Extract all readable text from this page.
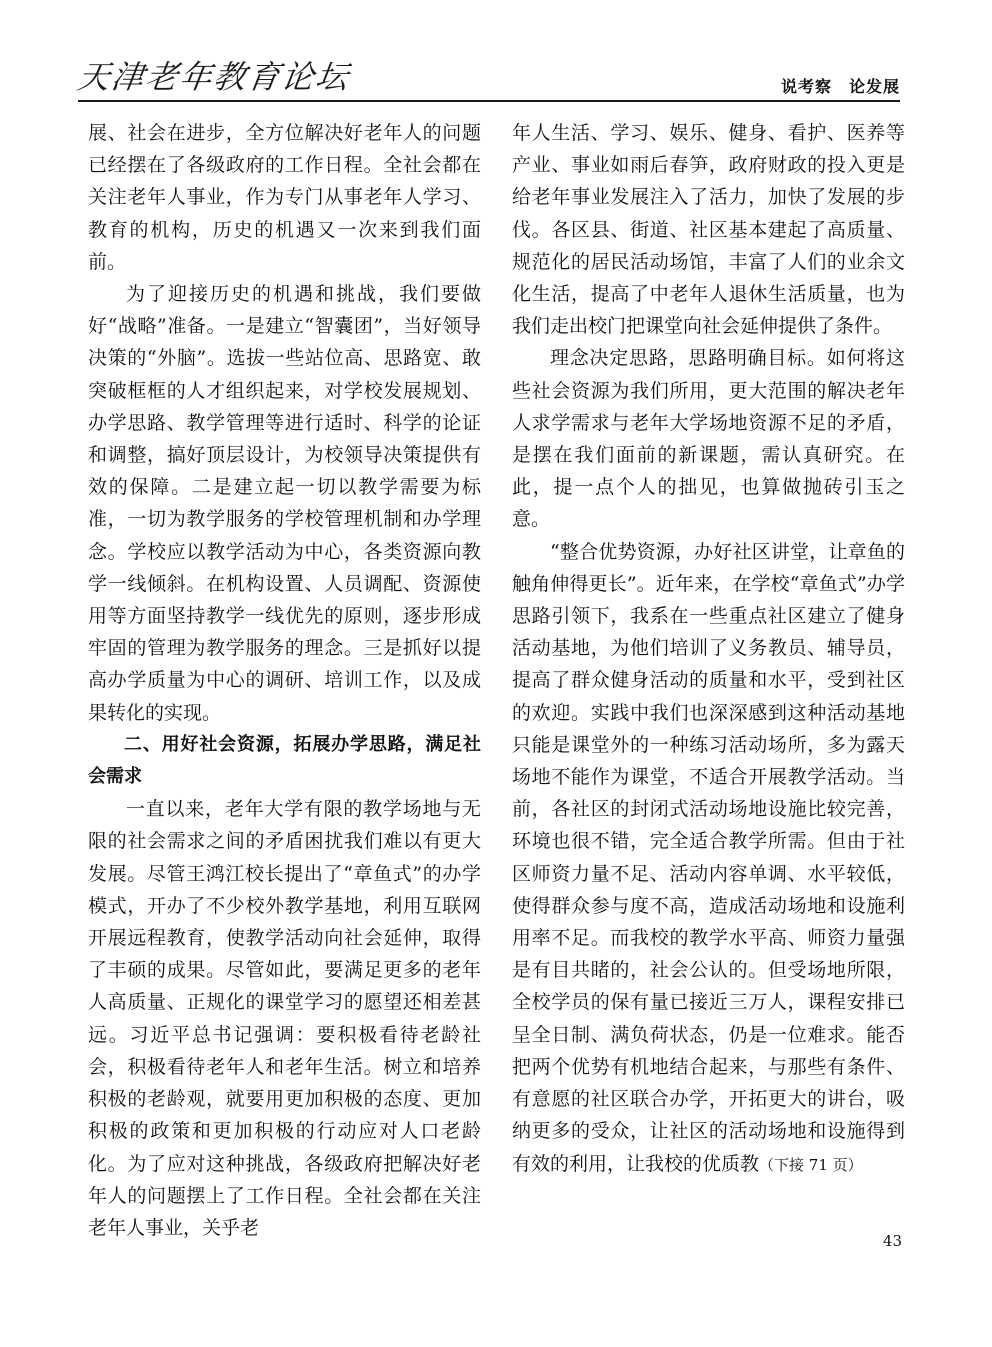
天津老年教育论坛	说考察　论发展

展、社会在进步，全方位解决好老年人的问题已经摆在了各级政府的工作日程。全社会都在关注老年人事业，作为专门从事老年人学习、教育的机构，历史的机遇又一次来到我们面前。

为了迎接历史的机遇和挑战，我们要做好“战略”准备。一是建立“智囊团”，当好领导决策的“外脑”。选拔一些站位高、思路宽、敢突破框框的人才组织起来，对学校发展规划、办学思路、教学管理等进行适时、科学的论证和调整，搞好顶层设计，为校领导决策提供有效的保障。二是建立起一切以教学需要为标准，一切为教学服务的学校管理机制和办学理念。学校应以教学活动为中心，各类资源向教学一线倾斜。在机构设置、人员调配、资源使用等方面坚持教学一线优先的原则，逐步形成牢固的管理为教学服务的理念。三是抓好以提高办学质量为中心的调研、培训工作，以及成果转化的实现。

二、用好社会资源，拓展办学思路，满足社会需求

一直以来，老年大学有限的教学场地与无限的社会需求之间的矛盾困扰我们难以有更大发展。尽管王鸿江校长提出了“章鱼式”的办学模式，开办了不少校外教学基地，利用互联网开展远程教育，使教学活动向社会延伸，取得了丰硕的成果。尽管如此，要满足更多的老年人高质量、正规化的课堂学习的愿望还相差甚远。习近平总书记强调：要积极看待老龄社会，积极看待老年人和老年生活。树立和培养积极的老龄观，就要用更加积极的态度、更加积极的政策和更加积极的行动应对人口老龄化。为了应对这种挑战，各级政府把解决好老年人的问题摆上了工作日程。全社会都在关注老年人事业，关乎老

年人生活、学习、娱乐、健身、看护、医养等产业、事业如雨后春笋，政府财政的投入更是给老年事业发展注入了活力，加快了发展的步伐。各区县、街道、社区基本建起了高质量、规范化的居民活动场馆，丰富了人们的业余文化生活，提高了中老年人退休生活质量，也为我们走出校门把课堂向社会延伸提供了条件。

理念决定思路，思路明确目标。如何将这些社会资源为我们所用，更大范围的解决老年人求学需求与老年大学场地资源不足的矛盾，是摆在我们面前的新课题，需认真研究。在此，提一点个人的拙见，也算做抛砖引玉之意。

“整合优势资源，办好社区讲堂，让章鱼的触角伸得更长”。近年来，在学校“章鱼式”办学思路引领下，我系在一些重点社区建立了健身活动基地，为他们培训了义务教员、辅导员，提高了群众健身活动的质量和水平，受到社区的欢迎。实践中我们也深深感到这种活动基地只能是课堂外的一种练习活动场所，多为露天场地不能作为课堂，不适合开展教学活动。当前，各社区的封闭式活动场地设施比较完善，环境也很不错，完全适合教学所需。但由于社区师资力量不足、活动内容单调、水平较低，使得群众参与度不高，造成活动场地和设施利用率不足。而我校的教学水平高、师资力量强是有目共睹的，社会公认的。但受场地所限，全校学员的保有量已接近三万人，课程安排已呈全日制、满负荷状态，仍是一位难求。能否把两个优势有机地结合起来，与那些有条件、有意愿的社区联合办学，开拓更大的讲台，吸纳更多的受众，让社区的活动场地和设施得到有效的利用，让我校的优质教（下接 71 页）

43
